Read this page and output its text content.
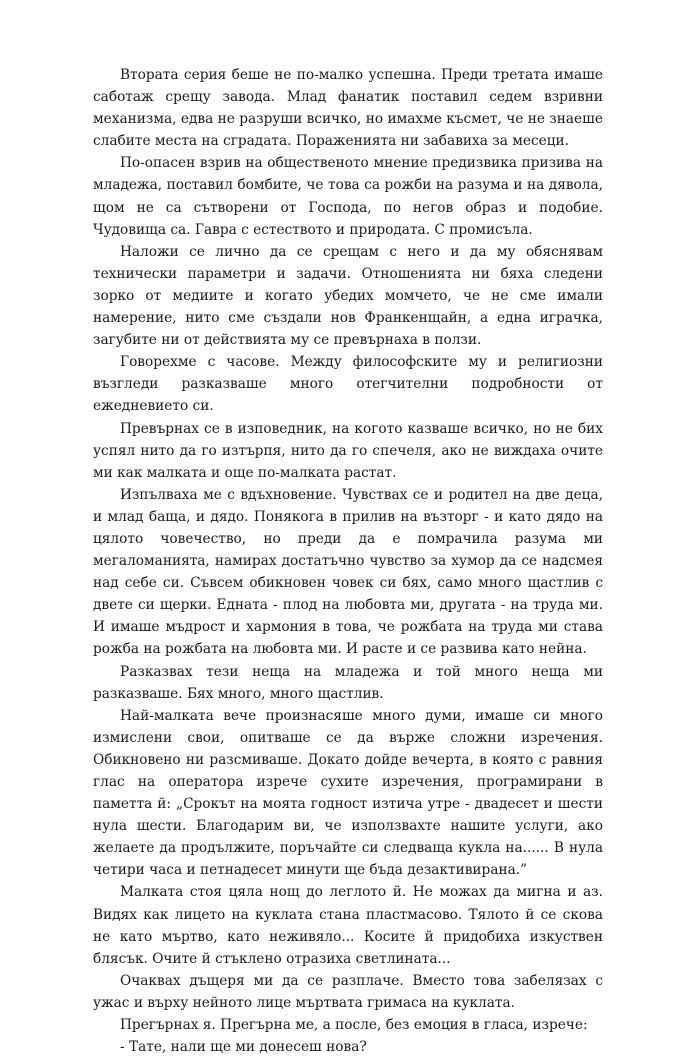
Втората серия беше не по-малко успешна. Преди третата имаше саботаж срещу завода. Млад фанатик поставил седем взривни механизма, едва не разруши всичко, но имахме късмет, че не знаеше слабите места на сградата. Пораженията ни забавиха за месеци.

По-опасен взрив на общественото мнение предизвика призива на младежа, поставил бомбите, че това са рожби на разума и на дявола, щом не са сътворени от Господа, по негов образ и подобие. Чудовища са. Гавра с естеството и природата. С промисъла.

Наложи се лично да се срещам с него и да му обяснявам технически параметри и задачи. Отношенията ни бяха следени зорко от медиите и когато убедих момчето, че не сме имали намерение, нито сме създали нов Франкенщайн, а една играчка, загубите ни от действията му се превърнаха в ползи.

Говорехме с часове. Между философските му и религиозни възгледи разказваше много отегчителни подробности от ежедневието си.

Превърнах се в изповедник, на когото казваше всичко, но не бих успял нито да го изтърпя, нито да го спечеля, ако не виждаха очите ми как малката и още по-малката растат.

Изпълваха ме с вдъхновение. Чувствах се и родител на две деца, и млад баща, и дядо. Понякога в прилив на възторг - и като дядо на цялото човечество, но преди да е помрачила разума ми мегаломанията, намирах достатъчно чувство за хумор да се надсмея над себе си. Съвсем обикновен човек си бях, само много щастлив с двете си щерки. Едната - плод на любовта ми, другата - на труда ми. И имаше мъдрост и хармония в това, че рожбата на труда ми става рожба на рожбата на любовта ми. И расте и се развива като нейна.

Разказвах тези неща на младежа и той много неща ми разказваше. Бях много, много щастлив.

Най-малката вече произнасяше много думи, имаше си много измислени свои, опитваше се да върже сложни изречения. Обикновено ни разсмиваше. Докато дойде вечерта, в която с равния глас на оператора изрече сухите изречения, програмирани в паметта й: „Срокът на моята годност изтича утре - двадесет и шести нула шести. Благодарим ви, че използвахте нашите услуги, ако желаете да продължите, поръчайте си следваща кукла на...... В нула четири часа и петнадесет минути ще бъда дезактивирана.”

Малката стоя цяла нощ до леглото й. Не можах да мигна и аз. Видях как лицето на куклата стана пластмасово. Тялото й се скова не като мъртво, като неживяло... Косите й придобиха изкуствен блясък. Очите й стъклено отразиха светлината...

Очаквах дъщеря ми да се разплаче. Вместо това забелязах с ужас и върху нейното лице мъртвата гримаса на куклата.

Прегърнах я. Прегърна ме, а после, без емоция в гласа, изрече:

- Тате, нали ще ми донесеш нова?
